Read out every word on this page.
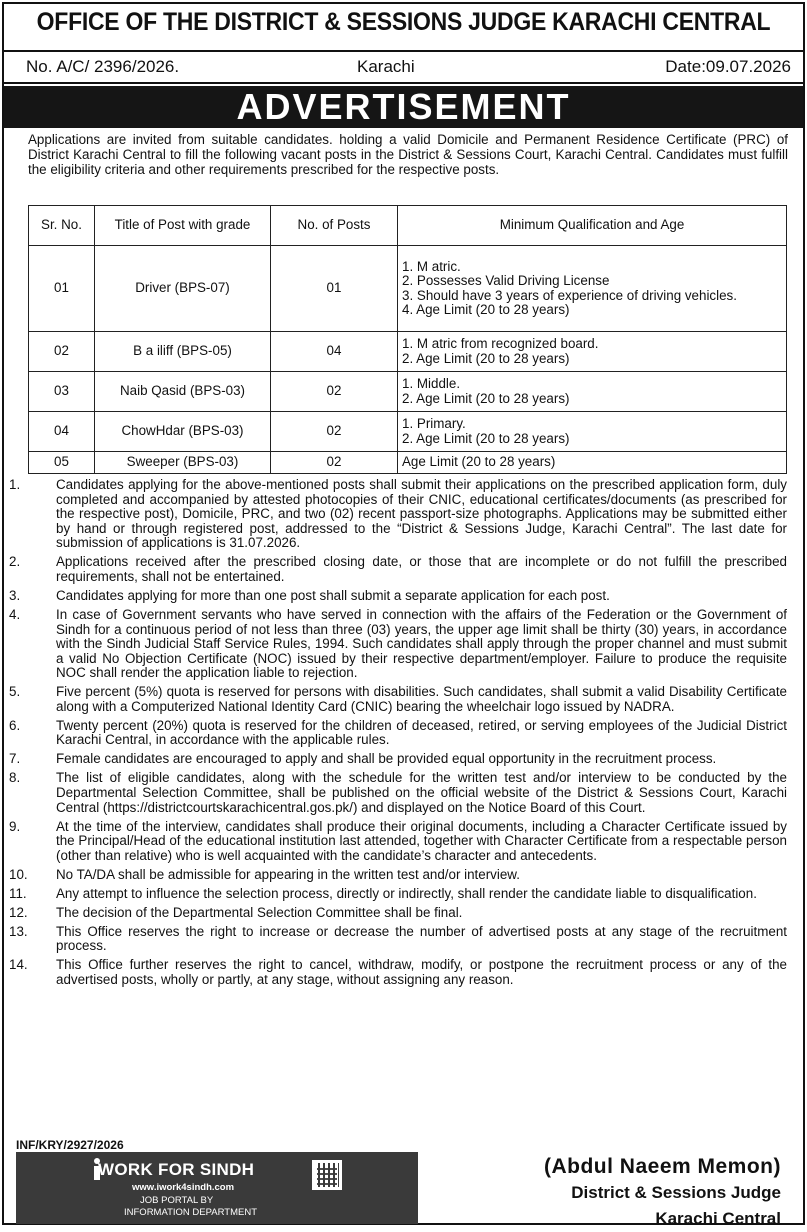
OFFICE OF THE DISTRICT & SESSIONS JUDGE KARACHI CENTRAL
No. A/C/ 2396/2026.	Karachi	Date:09.07.2026
ADVERTISEMENT

Applications are invited from suitable candidates. holding a valid Domicile and Permanent Residence Certificate (PRC) of District Karachi Central to fill the following vacant posts in the District & Sessions Court, Karachi Central. Candidates must fulfill the eligibility criteria and other requirements prescribed for the respective posts.

Sr. No.	Title of Post with grade	No. of Posts	Minimum Qualification and Age
01	Driver (BPS-07)	01	1. M atric.
2. Possesses Valid Driving License
3. Should have 3 years of experience of driving vehicles.
4. Age Limit (20 to 28 years)

02	B a iliff (BPS-05)	04	1. M atric from recognized board.
2. Age Limit (20 to 28 years)

03	Naib Qasid (BPS-03)	02	1. Middle.
2. Age Limit (20 to 28 years)

04	ChowHdar (BPS-03)	02	1. Primary.
2. Age Limit (20 to 28 years)

05	Sweeper (BPS-03)	02	Age Limit (20 to 28 years)
1.	Candidates applying for the above-mentioned posts shall submit their applications on the prescribed application form, duly completed and accompanied by attested photocopies of their CNIC, educational certificates/documents (as prescribed for the respective post), Domicile, PRC, and two (02) recent passport-size photographs. Applications may be submitted either by hand or through registered post, addressed to the “District & Sessions Judge, Karachi Central”. The last date for submission of applications is 31.07.2026.
2.	Applications received after the prescribed closing date, or those that are incomplete or do not fulfill the prescribed requirements, shall not be entertained.
3.	Candidates applying for more than one post shall submit a separate application for each post.
4.	In case of Government servants who have served in connection with the affairs of the Federation or the Government of Sindh for a continuous period of not less than three (03) years, the upper age limit shall be thirty (30) years, in accordance with the Sindh Judicial Staff Service Rules, 1994. Such candidates shall apply through the proper channel and must submit a valid No Objection Certificate (NOC) issued by their respective department/employer. Failure to produce the requisite NOC shall render the application liable to rejection.
5.	Five percent (5%) quota is reserved for persons with disabilities. Such candidates, shall submit a valid Disability Certificate along with a Computerized National Identity Card (CNIC) bearing the wheelchair logo issued by NADRA.
6.	Twenty percent (20%) quota is reserved for the children of deceased, retired, or serving employees of the Judicial District Karachi Central, in accordance with the applicable rules.
7.	Female candidates are encouraged to apply and shall be provided equal opportunity in the recruitment process.
8.	The list of eligible candidates, along with the schedule for the written test and/or interview to be conducted by the Departmental Selection Committee, shall be published on the official website of the District & Sessions Court, Karachi Central (https://districtcourtskarachicentral.gos.pk/) and displayed on the Notice Board of this Court.
9.	At the time of the interview, candidates shall produce their original documents, including a Character Certificate issued by the Principal/Head of the educational institution last attended, together with Character Certificate from a respectable person (other than relative) who is well acquainted with the candidate’s character and antecedents.
10.	No TA/DA shall be admissible for appearing in the written test and/or interview.
11.	Any attempt to influence the selection process, directly or indirectly, shall render the candidate liable to disqualification.
12.	The decision of the Departmental Selection Committee shall be final.
13.	This Office reserves the right to increase or decrease the number of advertised posts at any stage of the recruitment process.
14.	This Office further reserves the right to cancel, withdraw, modify, or postpone the recruitment process or any of the advertised posts, wholly or partly, at any stage, without assigning any reason.
INF/KRY/2927/2026
WORK FOR SINDH
www.iwork4sindh.com
JOB PORTAL BY
INFORMATION DEPARTMENT
(Abdul Naeem Memon)
District & Sessions Judge
Karachi Central
